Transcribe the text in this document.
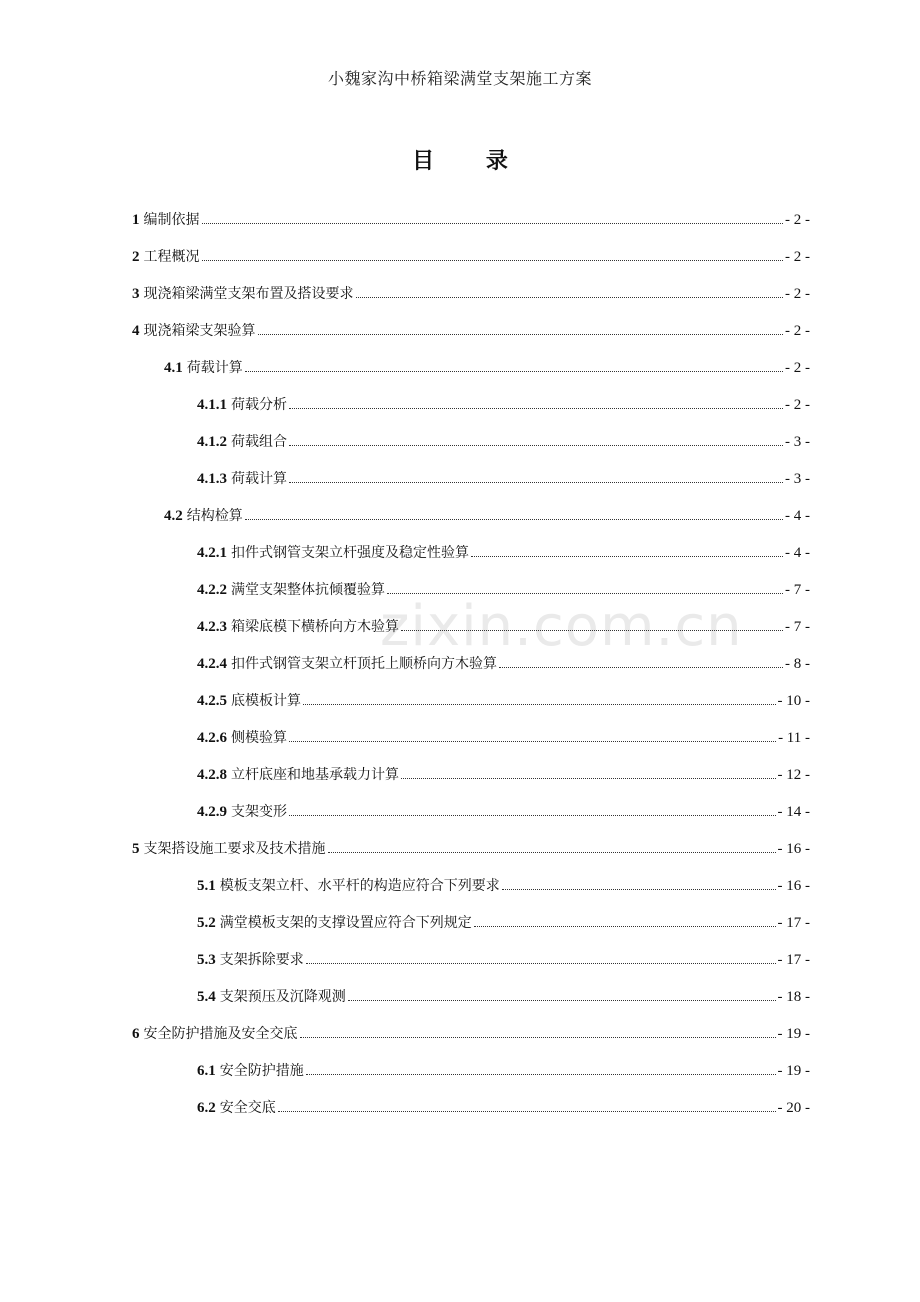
小魏家沟中桥箱梁满堂支架施工方案
目 录
zixin.com.cn
1 编制依据	- 2 -
2 工程概况	- 2 -
3 现浇箱梁满堂支架布置及搭设要求	- 2 -
4 现浇箱梁支架验算	- 2 -
4.1 荷载计算	- 2 -
4.1.1 荷载分析	- 2 -
4.1.2 荷载组合	- 3 -
4.1.3 荷载计算	- 3 -
4.2 结构检算	- 4 -
4.2.1 扣件式钢管支架立杆强度及稳定性验算	- 4 -
4.2.2 满堂支架整体抗倾覆验算	- 7 -
4.2.3 箱梁底模下横桥向方木验算	- 7 -
4.2.4 扣件式钢管支架立杆顶托上顺桥向方木验算	- 8 -
4.2.5 底模板计算	- 10 -
4.2.6 侧模验算	- 11 -
4.2.8 立杆底座和地基承载力计算	- 12 -
4.2.9 支架变形	- 14 -
5 支架搭设施工要求及技术措施	- 16 -
5.1 模板支架立杆、水平杆的构造应符合下列要求	- 16 -
5.2 满堂模板支架的支撑设置应符合下列规定	- 17 -
5.3 支架拆除要求	- 17 -
5.4 支架预压及沉降观测	- 18 -
6 安全防护措施及安全交底	- 19 -
6.1 安全防护措施	- 19 -
6.2 安全交底	- 20 -
